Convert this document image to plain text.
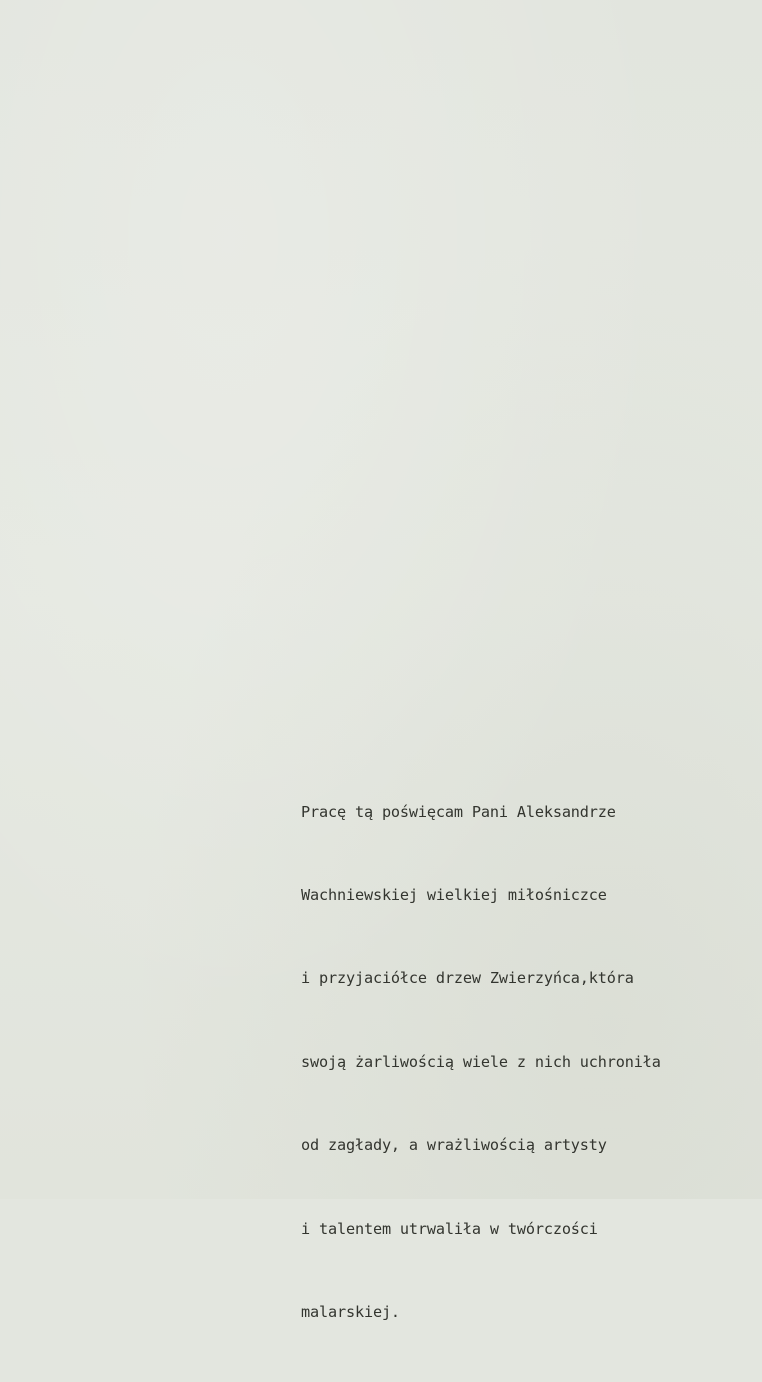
Pracę tą poświęcam Pani Aleksandrze

Wachniewskiej wielkiej miłośniczce

i przyjaciółce drzew Zwierzyńca,która

swoją żarliwością wiele z nich uchroniła

od zagłady, a wrażliwością artysty

i talentem utrwaliła w twórczości

malarskiej.
